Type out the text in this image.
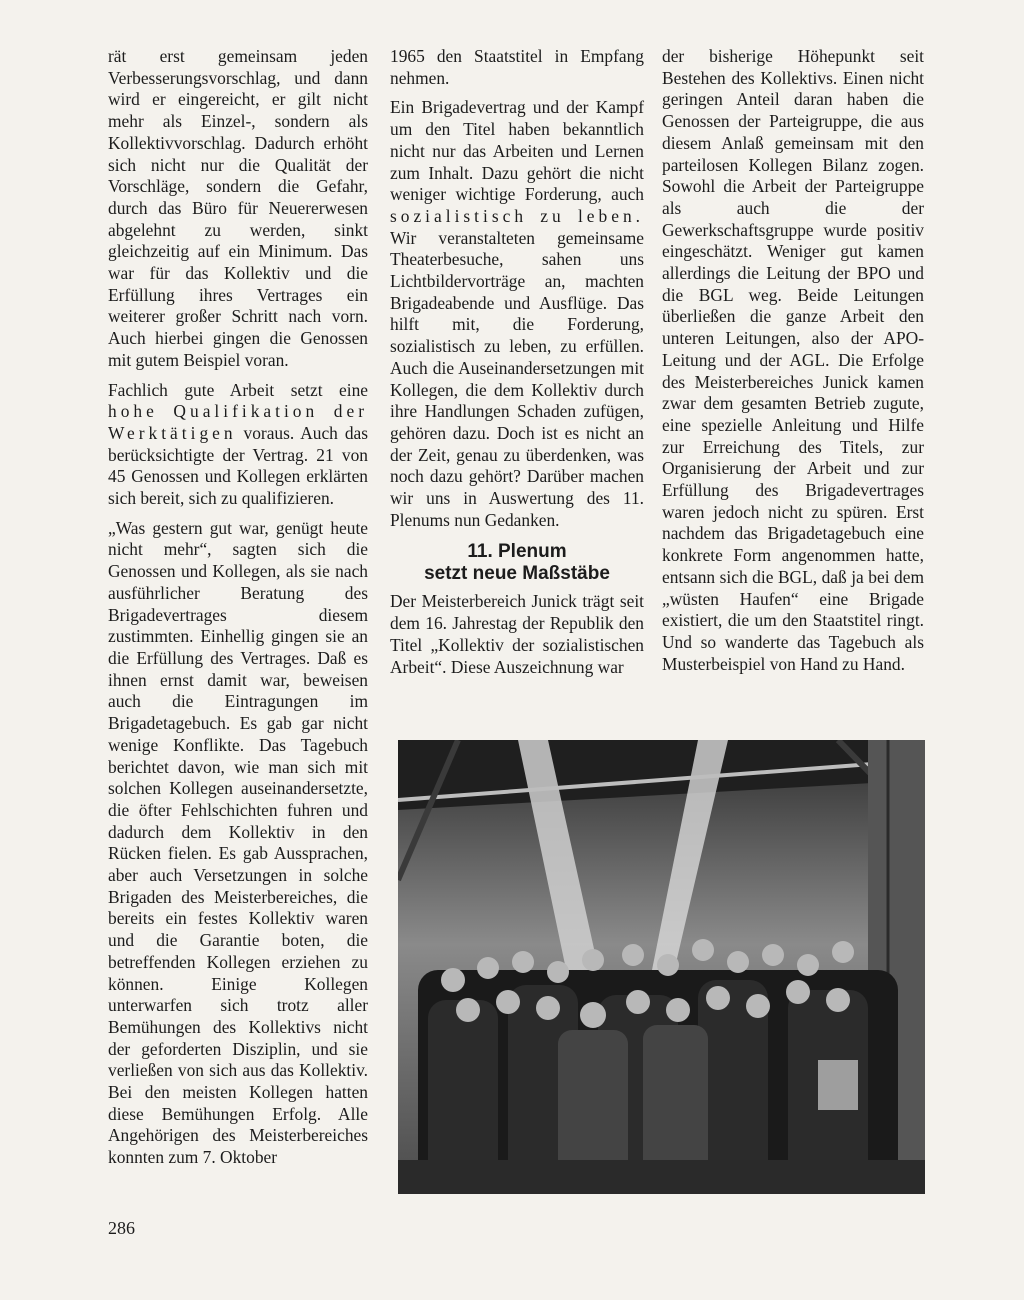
rät erst gemeinsam jeden Verbesserungsvorschlag, und dann wird er eingereicht, er gilt nicht mehr als Einzel-, sondern als Kollektivvorschlag. Dadurch erhöht sich nicht nur die Qualität der Vorschläge, sondern die Gefahr, durch das Büro für Neuererwesen abgelehnt zu werden, sinkt gleichzeitig auf ein Minimum. Das war für das Kollektiv und die Erfüllung ihres Vertrages ein weiterer großer Schritt nach vorn. Auch hierbei gingen die Genossen mit gutem Beispiel voran.

Fachlich gute Arbeit setzt eine hohe Qualifikation der Werktätigen voraus. Auch das berücksichtigte der Vertrag. 21 von 45 Genossen und Kollegen erklärten sich bereit, sich zu qualifizieren.

„Was gestern gut war, genügt heute nicht mehr“, sagten sich die Genossen und Kollegen, als sie nach ausführlicher Beratung des Brigadevertrages diesem zustimmten. Einhellig gingen sie an die Erfüllung des Vertrages. Daß es ihnen ernst damit war, beweisen auch die Eintragungen im Brigadetagebuch. Es gab gar nicht wenige Konflikte. Das Tagebuch berichtet davon, wie man sich mit solchen Kollegen auseinandersetzte, die öfter Fehlschichten fuhren und dadurch dem Kollektiv in den Rücken fielen. Es gab Aussprachen, aber auch Versetzungen in solche Brigaden des Meisterbereiches, die bereits ein festes Kollektiv waren und die Garantie boten, die betreffenden Kollegen erziehen zu können. Einige Kollegen unterwarfen sich trotz aller Bemühungen des Kollektivs nicht der geforderten Disziplin, und sie verließen von sich aus das Kollektiv. Bei den meisten Kollegen hatten diese Bemühungen Erfolg. Alle Angehörigen des Meisterbereiches konnten zum 7. Oktober

1965 den Staatstitel in Empfang nehmen.

Ein Brigadevertrag und der Kampf um den Titel haben bekanntlich nicht nur das Arbeiten und Lernen zum Inhalt. Dazu gehört die nicht weniger wichtige Forderung, auch sozialistisch zu leben. Wir veranstalteten gemeinsame Theaterbesuche, sahen uns Lichtbildervorträge an, machten Brigadeabende und Ausflüge. Das hilft mit, die Forderung, sozialistisch zu leben, zu erfüllen. Auch die Auseinandersetzungen mit Kollegen, die dem Kollektiv durch ihre Handlungen Schaden zufügen, gehören dazu. Doch ist es nicht an der Zeit, genau zu überdenken, was noch dazu gehört? Darüber machen wir uns in Auswertung des 11. Plenums nun Gedanken.

11. Plenum
setzt neue Maßstäbe

Der Meisterbereich Junick trägt seit dem 16. Jahrestag der Republik den Titel „Kollektiv der sozialistischen Arbeit“. Diese Auszeichnung war

der bisherige Höhepunkt seit Bestehen des Kollektivs. Einen nicht geringen Anteil daran haben die Genossen der Parteigruppe, die aus diesem Anlaß gemeinsam mit den parteilosen Kollegen Bilanz zogen. Sowohl die Arbeit der Parteigruppe als auch die der Gewerkschaftsgruppe wurde positiv eingeschätzt. Weniger gut kamen allerdings die Leitung der BPO und die BGL weg. Beide Leitungen überließen die ganze Arbeit den unteren Leitungen, also der APO-Leitung und der AGL. Die Erfolge des Meisterbereiches Junick kamen zwar dem gesamten Betrieb zugute, eine spezielle Anleitung und Hilfe zur Erreichung des Titels, zur Organisierung der Arbeit und zur Erfüllung des Brigadevertrages waren jedoch nicht zu spüren. Erst nachdem das Brigadetagebuch eine konkrete Form angenommen hatte, entsann sich die BGL, daß ja bei dem „wüsten Haufen“ eine Brigade existiert, die um den Staatstitel ringt. Und so wanderte das Tagebuch als Musterbeispiel von Hand zu Hand.

286
